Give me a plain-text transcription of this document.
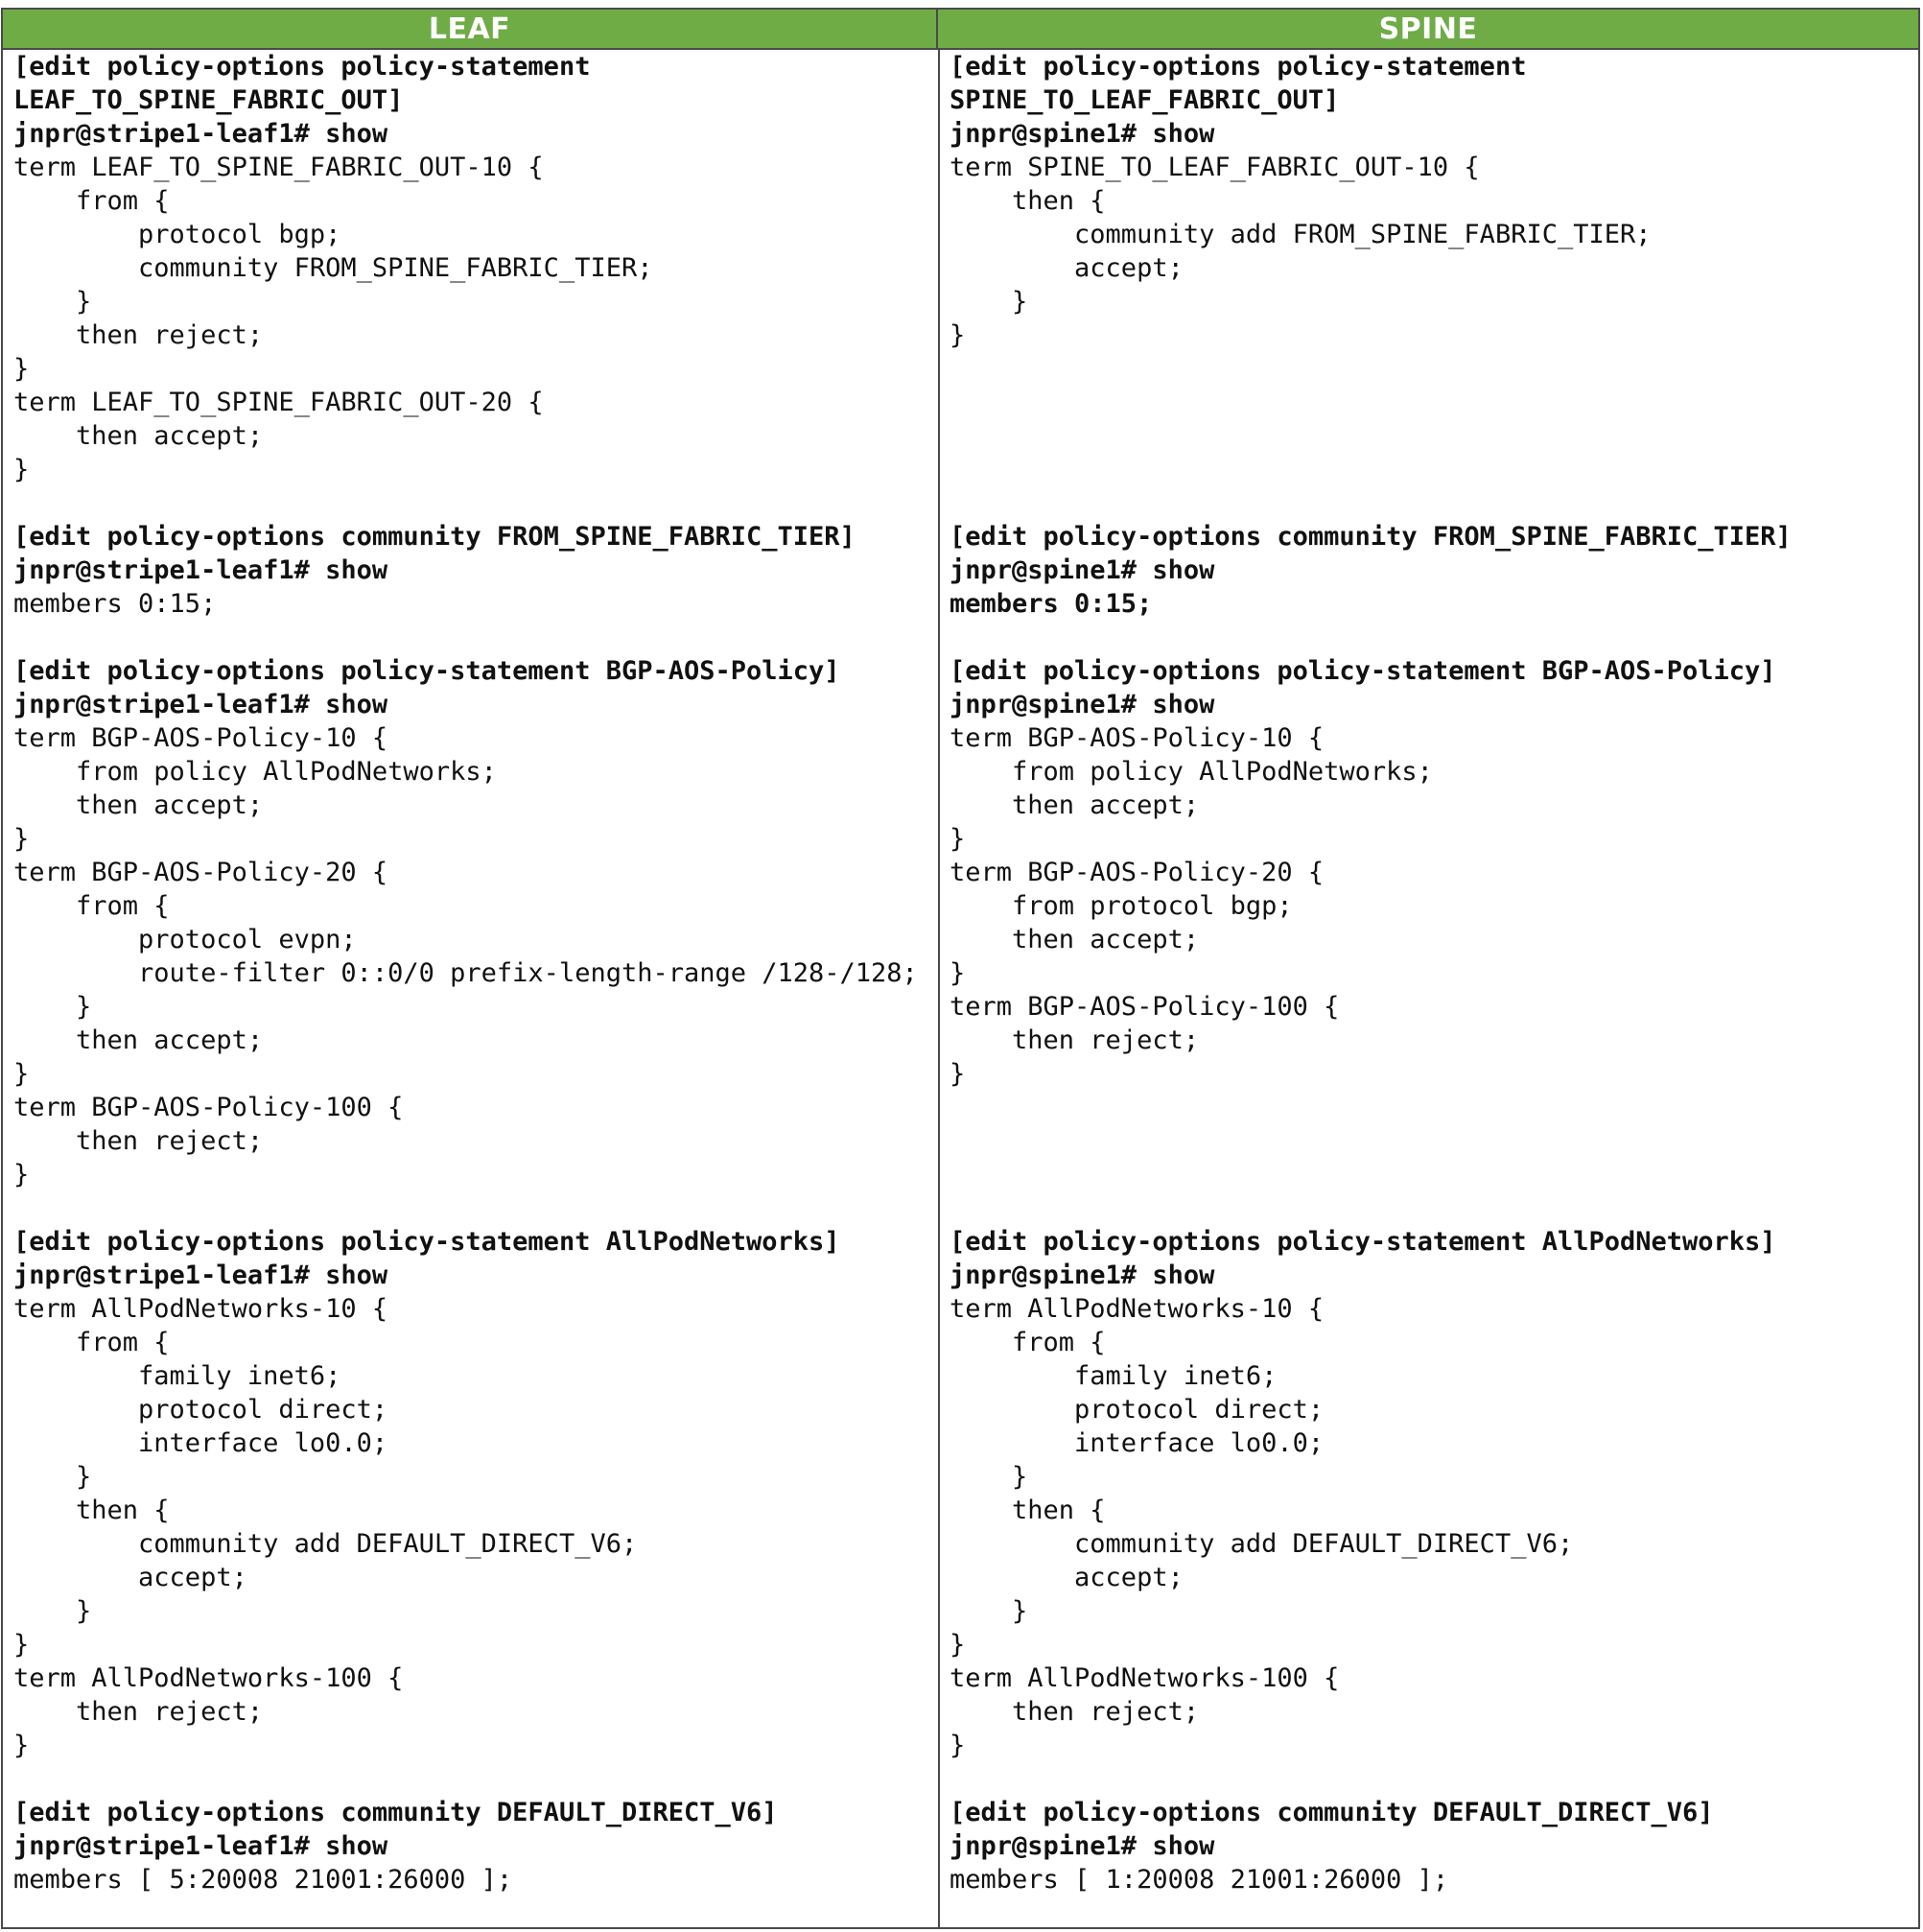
LEAF	SPINE
[edit policy-options policy-statement
LEAF_TO_SPINE_FABRIC_OUT]
jnpr@stripe1-leaf1# show
term LEAF_TO_SPINE_FABRIC_OUT-10 {
from {
protocol bgp;
community FROM_SPINE_FABRIC_TIER;
}
then reject;
}
term LEAF_TO_SPINE_FABRIC_OUT-20 {
then accept;
}
[edit policy-options community FROM_SPINE_FABRIC_TIER]
jnpr@stripe1-leaf1# show
members 0:15;
[edit policy-options policy-statement BGP-AOS-Policy]
jnpr@stripe1-leaf1# show
term BGP-AOS-Policy-10 {
from policy AllPodNetworks;
then accept;
}
term BGP-AOS-Policy-20 {
from {
protocol evpn;
route-filter 0::0/0 prefix-length-range /128-/128;
}
then accept;
}
term BGP-AOS-Policy-100 {
then reject;
}
[edit policy-options policy-statement AllPodNetworks]
jnpr@stripe1-leaf1# show
term AllPodNetworks-10 {
from {
family inet6;
protocol direct;
interface lo0.0;
}
then {
community add DEFAULT_DIRECT_V6;
accept;
}
}
term AllPodNetworks-100 {
then reject;
}
[edit policy-options community DEFAULT_DIRECT_V6]
jnpr@stripe1-leaf1# show
members [ 5:20008 21001:26000 ];
[edit policy-options policy-statement
SPINE_TO_LEAF_FABRIC_OUT]
jnpr@spine1# show
term SPINE_TO_LEAF_FABRIC_OUT-10 {
then {
community add FROM_SPINE_FABRIC_TIER;
accept;
}
}
[edit policy-options community FROM_SPINE_FABRIC_TIER]
jnpr@spine1# show
members 0:15;
[edit policy-options policy-statement BGP-AOS-Policy]
jnpr@spine1# show
term BGP-AOS-Policy-10 {
from policy AllPodNetworks;
then accept;
}
term BGP-AOS-Policy-20 {
from protocol bgp;
then accept;
}
term BGP-AOS-Policy-100 {
then reject;
}
[edit policy-options policy-statement AllPodNetworks]
jnpr@spine1# show
term AllPodNetworks-10 {
from {
family inet6;
protocol direct;
interface lo0.0;
}
then {
community add DEFAULT_DIRECT_V6;
accept;
}
}
term AllPodNetworks-100 {
then reject;
}
[edit policy-options community DEFAULT_DIRECT_V6]
jnpr@spine1# show
members [ 1:20008 21001:26000 ];
